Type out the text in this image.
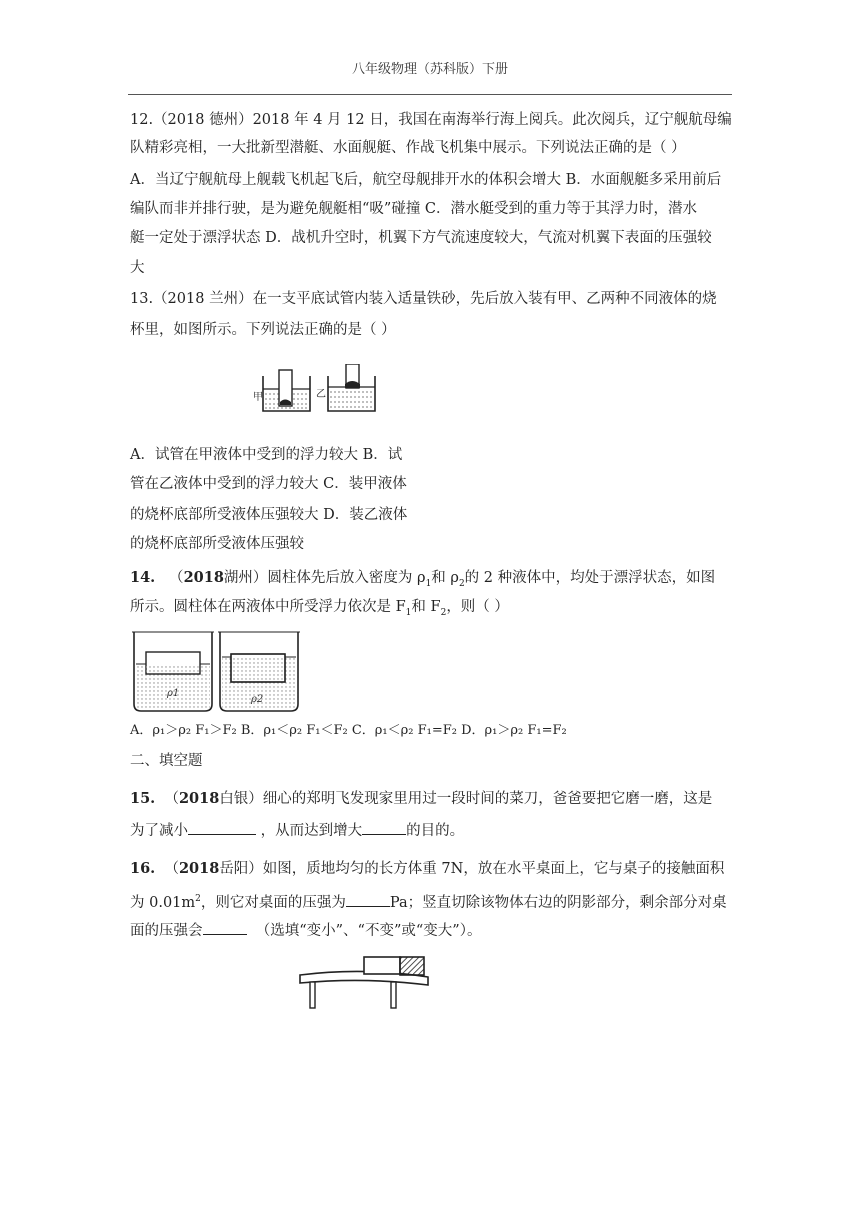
八年级物理（苏科版）下册
12.（2018 德州）2018 年 4 月 12 日，我国在南海举行海上阅兵。此次阅兵，辽宁舰航母编
队精彩亮相，一大批新型潜艇、水面舰艇、作战飞机集中展示。下列说法正确的是（ ）
A．当辽宁舰航母上舰载飞机起飞后，航空母舰排开水的体积会增大 B．水面舰艇多采用前后
编队而非并排行驶，是为避免舰艇相“吸”碰撞 C．潜水艇受到的重力等于其浮力时，潜水
艇一定处于漂浮状态 D．战机升空时，机翼下方气流速度较大，气流对机翼下表面的压强较
大
13.（2018 兰州）在一支平底试管内装入适量铁砂，先后放入装有甲、乙两种不同液体的烧
杯里，如图所示。下列说法正确的是（ ）
甲	乙
A．试管在甲液体中受到的浮力较大 B．试
管在乙液体中受到的浮力较大 C．装甲液体
的烧杯底部所受液体压强较大 D．装乙液体
的烧杯底部所受液体压强较
14.   （2018湖州）圆柱体先后放入密度为 $\rho_1$和 $\rho_2$的 2 种液体中，均处于漂浮状态，如图
所示。圆柱体在两液体中所受浮力依次是 $F_1$和 $F_2$，则（ ）
ρ1
ρ2
A．ρ₁＞ρ₂ F₁＞F₂ B．ρ₁＜ρ₂ F₁＜F₂ C．ρ₁＜ρ₂ F₁=F₂ D．ρ₁＞ρ₂ F₁=F₂
二、填空题
15.  （2018白银）细心的郑明飞发现家里用过一段时间的菜刀，爸爸要把它磨一磨，这是
为了减小	，从而达到增大	的目的。
16.  （2018岳阳）如图，质地均匀的长方体重 7N，放在水平桌面上，它与桌子的接触面积
为 $0.01m^2$，则它对桌面的压强为	Pa；竖直切除该物体右边的阴影部分，剩余部分对桌
面的压强会	（选填“变小”、“不变”或“变大”）。
